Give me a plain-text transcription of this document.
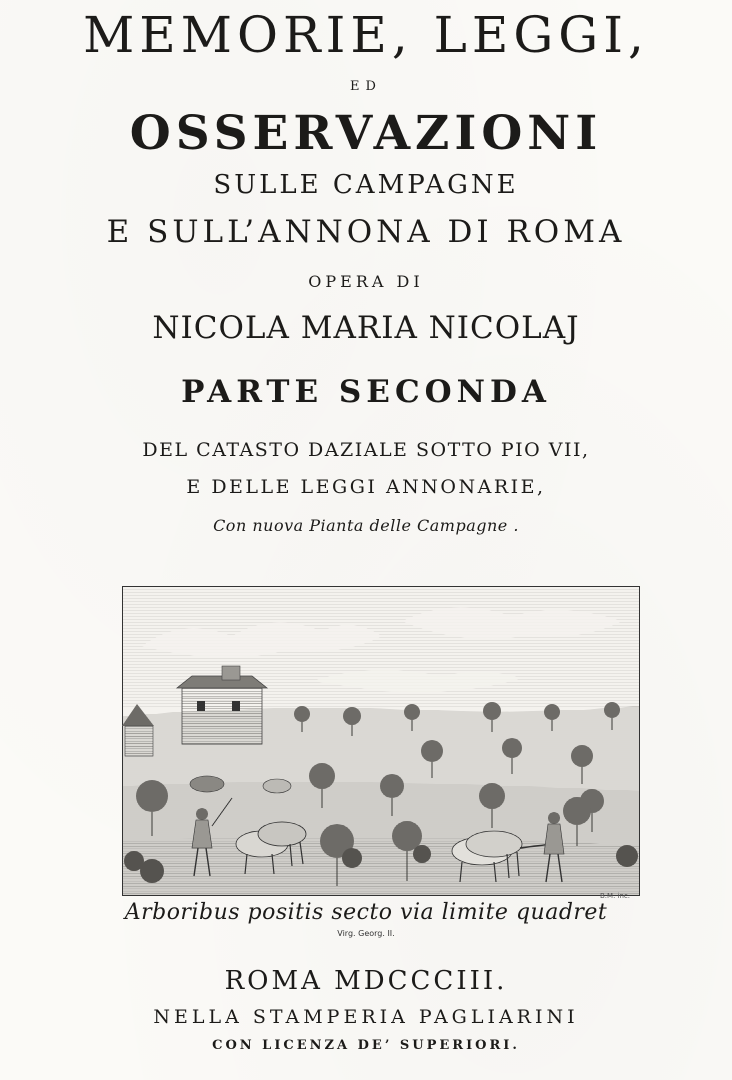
MEMORIE, LEGGI,
ED
OSSERVAZIONI
SULLE CAMPAGNE
E SULL’ANNONA DI ROMA
OPERA DI
NICOLA MARIA NICOLAJ
PARTE SECONDA
DEL CATASTO DAZIALE SOTTO PIO VII,
E DELLE LEGGI ANNONARIE,
Con nuova Pianta delle Campagne .
B.M. inc.
Arboribus positis secto via limite quadret
Virg. Georg. II.
ROMA MDCCCIII.
NELLA STAMPERIA PAGLIARINI
CON LICENZA DE’ SUPERIORI.
